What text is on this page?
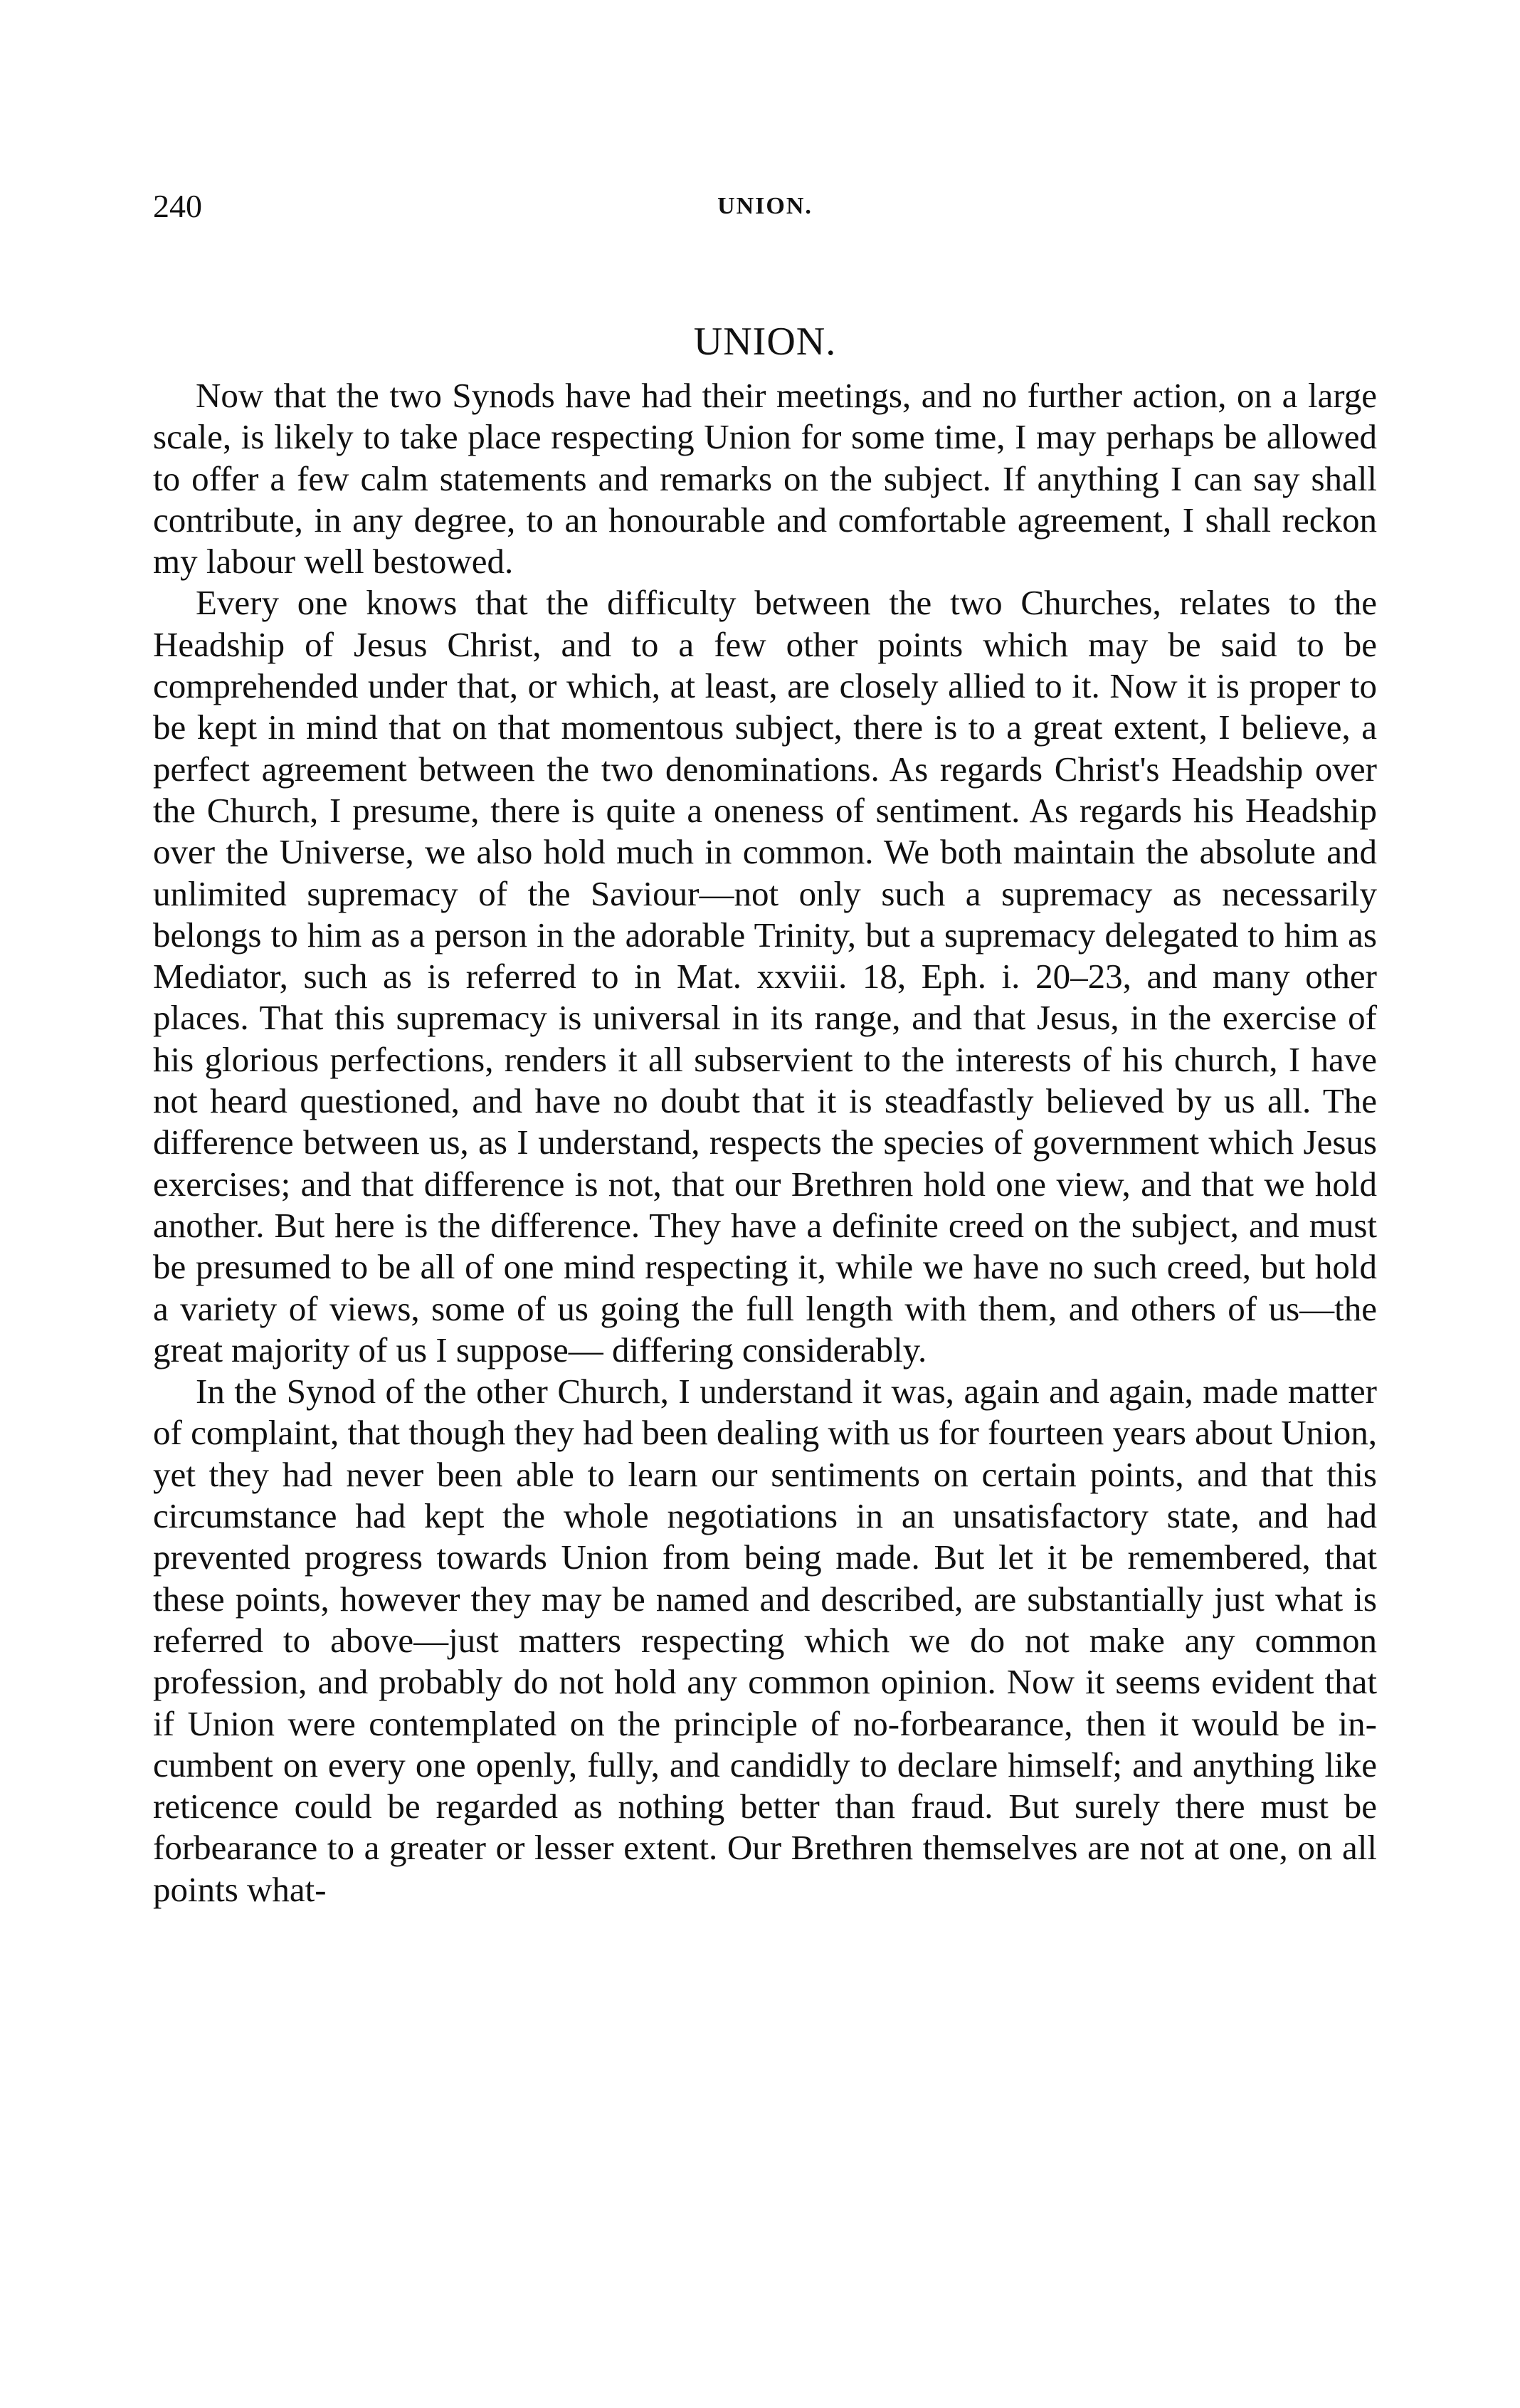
240	UNION.
UNION.

Now that the two Synods have had their meetings, and no further action, on a large scale, is likely to take place respecting Union for some time, I may perhaps be allowed to offer a few calm statements and remarks on the subject. If anything I can say shall contribute, in any degree, to an honourable and comfortable agreement, I shall reckon my labour well bestowed.

Every one knows that the difficulty between the two Churches, relates to the Headship of Jesus Christ, and to a few other points which may be said to be comprehended under that, or which, at least, are closely allied to it. Now it is proper to be kept in mind that on that momentous subject, there is to a great extent, I believe, a perfect agreement between the two denominations. As regards Christ's Headship over the Church, I presume, there is quite a oneness of sentiment. As regards his Headship over the Universe, we also hold much in common. We both maintain the absolute and unlimited supremacy of the Saviour—not only such a supremacy as necessarily belongs to him as a person in the adorable Trinity, but a supremacy delegated to him as Mediator, such as is referred to in Mat. xxviii. 18, Eph. i. 20–23, and many other places. That this supremacy is universal in its range, and that Jesus, in the exercise of his glorious perfections, renders it all subservient to the interests of his church, I have not heard questioned, and have no doubt that it is steadfastly believed by us all. The difference between us, as I understand, respects the species of government which Jesus exercises; and that difference is not, that our Brethren hold one view, and that we hold another. But here is the difference. They have a definite creed on the subject, and must be presumed to be all of one mind respecting it, while we have no such creed, but hold a variety of views, some of us going the full length with them, and others of us—the great majority of us I suppose— differing considerably.

In the Synod of the other Church, I understand it was, again and again, made matter of complaint, that though they had been dealing with us for fourteen years about Union, yet they had never been able to learn our sentiments on certain points, and that this circumstance had kept the whole negotiations in an unsatisfactory state, and had prevented progress towards Union from being made. But let it be remembered, that these points, however they may be named and described, are substantially just what is referred to above—just matters respecting which we do not make any common profession, and probably do not hold any common opinion. Now it seems evident that if Union were contemplated on the principle of no-forbearance, then it would be incumbent on every one openly, fully, and candidly to declare himself; and anything like reticence could be regarded as nothing better than fraud. But surely there must be forbearance to a greater or lesser extent. Our Brethren themselves are not at one, on all points what-
